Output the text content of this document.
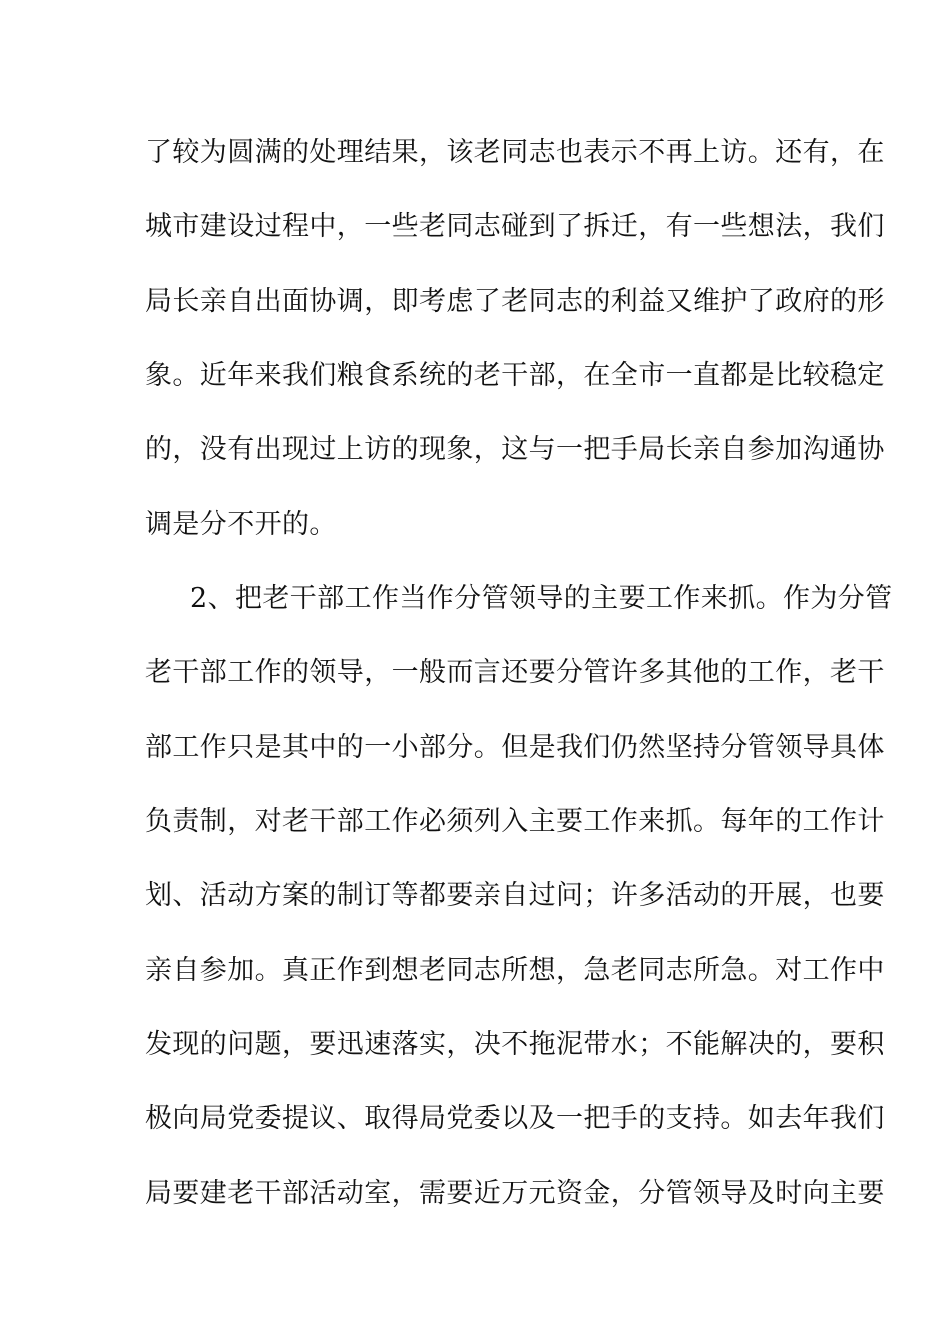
了较为圆满的处理结果，该老同志也表示不再上访。还有，在
城市建设过程中，一些老同志碰到了拆迁，有一些想法，我们
局长亲自出面协调，即考虑了老同志的利益又维护了政府的形
象。近年来我们粮食系统的老干部，在全市一直都是比较稳定
的，没有出现过上访的现象，这与一把手局长亲自参加沟通协
调是分不开的。
2、把老干部工作当作分管领导的主要工作来抓。作为分管
老干部工作的领导，一般而言还要分管许多其他的工作，老干
部工作只是其中的一小部分。但是我们仍然坚持分管领导具体
负责制，对老干部工作必须列入主要工作来抓。每年的工作计
划、活动方案的制订等都要亲自过问；许多活动的开展，也要
亲自参加。真正作到想老同志所想，急老同志所急。对工作中
发现的问题，要迅速落实，决不拖泥带水；不能解决的，要积
极向局党委提议、取得局党委以及一把手的支持。如去年我们
局要建老干部活动室，需要近万元资金，分管领导及时向主要
